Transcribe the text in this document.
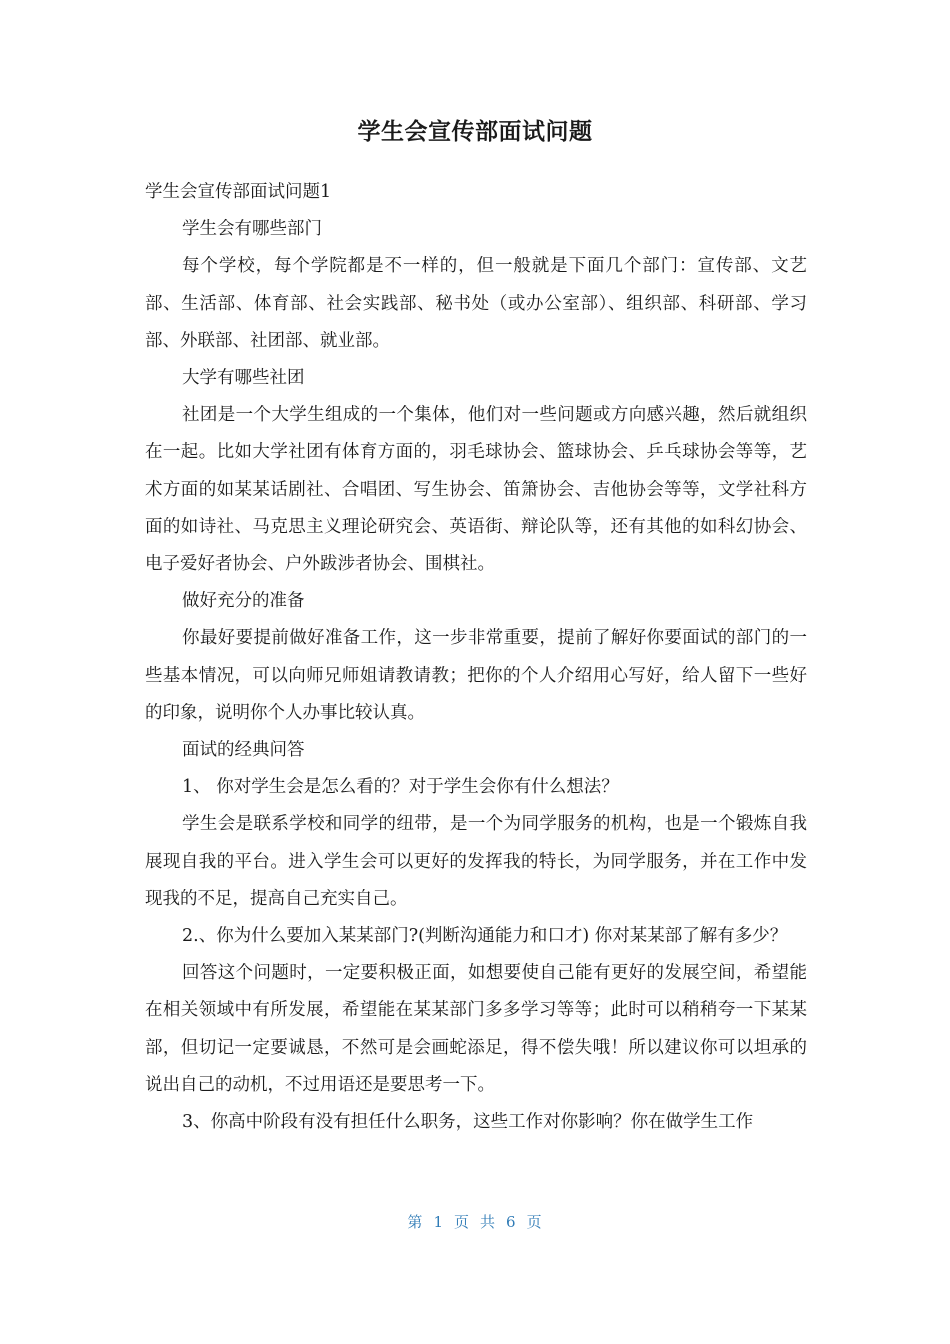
学生会宣传部面试问题

学生会宣传部面试问题1

学生会有哪些部门

每个学校，每个学院都是不一样的，但一般就是下面几个部门：宣传部、文艺部、生活部、体育部、社会实践部、秘书处（或办公室部）、组织部、科研部、学习部、外联部、社团部、就业部。

大学有哪些社团

社团是一个大学生组成的一个集体，他们对一些问题或方向感兴趣，然后就组织在一起。比如大学社团有体育方面的，羽毛球协会、篮球协会、乒乓球协会等等，艺术方面的如某某话剧社、合唱团、写生协会、笛箫协会、吉他协会等等，文学社科方面的如诗社、马克思主义理论研究会、英语街、辩论队等，还有其他的如科幻协会、电子爱好者协会、户外跋涉者协会、围棋社。

做好充分的准备

你最好要提前做好准备工作，这一步非常重要，提前了解好你要面试的部门的一些基本情况，可以向师兄师姐请教请教；把你的个人介绍用心写好，给人留下一些好的印象，说明你个人办事比较认真。

面试的经典问答

1、 你对学生会是怎么看的？对于学生会你有什么想法？

学生会是联系学校和同学的纽带，是一个为同学服务的机构，也是一个锻炼自我展现自我的平台。进入学生会可以更好的发挥我的特长，为同学服务，并在工作中发现我的不足，提高自己充实自己。

2.、你为什么要加入某某部门?(判断沟通能力和口才) 你对某某部了解有多少？

回答这个问题时，一定要积极正面，如想要使自己能有更好的发展空间，希望能在相关领域中有所发展，希望能在某某部门多多学习等等；此时可以稍稍夸一下某某部，但切记一定要诚恳，不然可是会画蛇添足，得不偿失哦！所以建议你可以坦承的说出自己的动机，不过用语还是要思考一下。

3、你高中阶段有没有担任什么职务，这些工作对你影响？你在做学生工作

第 1 页 共 6 页
